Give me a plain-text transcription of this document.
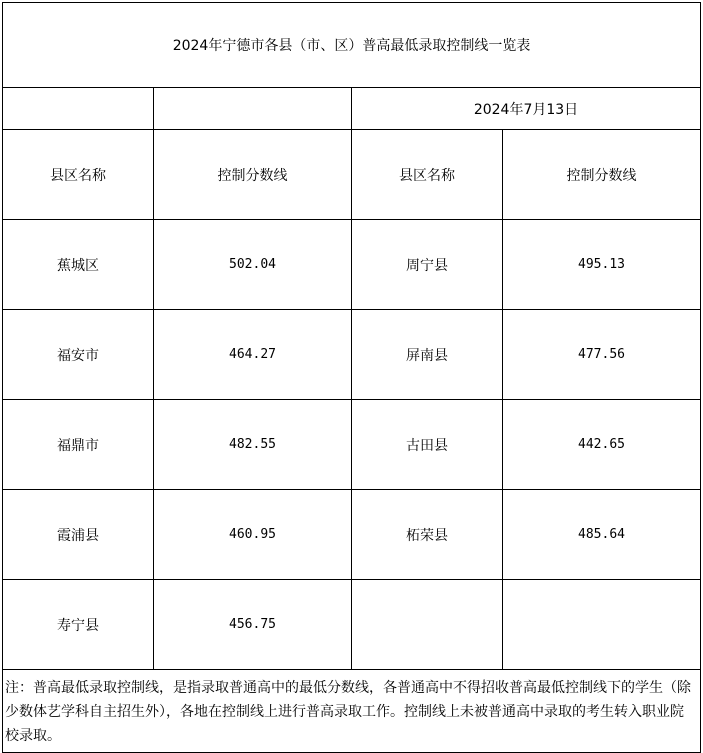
2024年宁德市各县（市、区）普高最低录取控制线一览表			
		2024年7月13日	
县区名称	控制分数线	县区名称	控制分数线
蕉城区	502.04	周宁县	495.13
福安市	464.27	屏南县	477.56
福鼎市	482.55	古田县	442.65
霞浦县	460.95	柘荣县	485.64
寿宁县	456.75		
注：普高最低录取控制线，是指录取普通高中的最低分数线，各普通高中不得招收普高最低控制线下的学生（除少数体艺学科自主招生外），各地在控制线上进行普高录取工作。控制线上未被普通高中录取的考生转入职业院校录取。			
